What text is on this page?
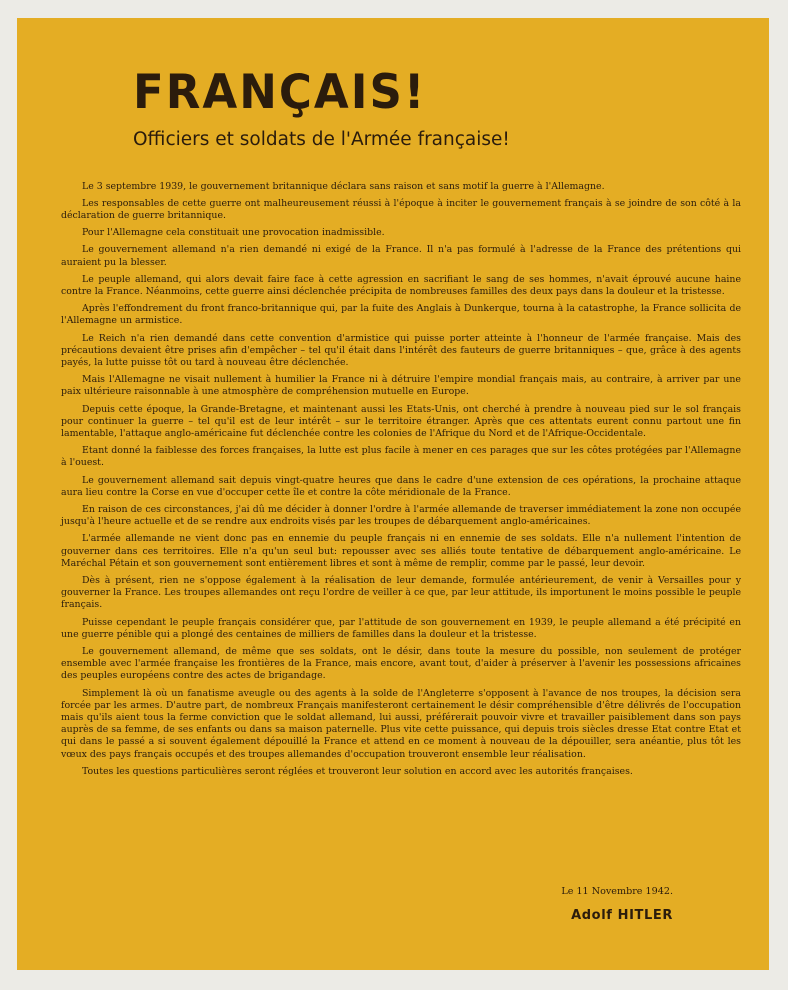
FRANÇAIS!
Officiers et soldats de l'Armée française!

Le 3 septembre 1939, le gouvernement britannique déclara sans raison et sans motif la guerre à l'Allemagne.

Les responsables de cette guerre ont malheureusement réussi à l'époque à inciter le gouvernement français à se joindre de son côté à la déclaration de guerre britannique.

Pour l'Allemagne cela constituait une provocation inadmissible.

Le gouvernement allemand n'a rien demandé ni exigé de la France. Il n'a pas formulé à l'adresse de la France des prétentions qui auraient pu la blesser.

Le peuple allemand, qui alors devait faire face à cette agression en sacrifiant le sang de ses hommes, n'avait éprouvé aucune haine contre la France. Néanmoins, cette guerre ainsi déclenchée précipita de nombreuses familles des deux pays dans la douleur et la tristesse.

Après l'effondrement du front franco-britannique qui, par la fuite des Anglais à Dunkerque, tourna à la catastrophe, la France sollicita de l'Allemagne un armistice.

Le Reich n'a rien demandé dans cette convention d'armistice qui puisse porter atteinte à l'honneur de l'armée française. Mais des précautions devaient être prises afin d'empêcher – tel qu'il était dans l'intérêt des fauteurs de guerre britanniques – que, grâce à des agents payés, la lutte puisse tôt ou tard à nouveau être déclenchée.

Mais l'Allemagne ne visait nullement à humilier la France ni à détruire l'empire mondial français mais, au contraire, à arriver par une paix ultérieure raisonnable à une atmosphère de compréhension mutuelle en Europe.

Depuis cette époque, la Grande-Bretagne, et maintenant aussi les Etats-Unis, ont cherché à prendre à nouveau pied sur le sol français pour continuer la guerre – tel qu'il est de leur intérêt – sur le territoire étranger. Après que ces attentats eurent connu partout une fin lamentable, l'attaque anglo-américaine fut déclenchée contre les colonies de l'Afrique du Nord et de l'Afrique-Occidentale.

Etant donné la faiblesse des forces françaises, la lutte est plus facile à mener en ces parages que sur les côtes protégées par l'Allemagne à l'ouest.

Le gouvernement allemand sait depuis vingt-quatre heures que dans le cadre d'une extension de ces opérations, la prochaine attaque aura lieu contre la Corse en vue d'occuper cette île et contre la côte méridionale de la France.

En raison de ces circonstances, j'ai dû me décider à donner l'ordre à l'armée allemande de traverser immédiatement la zone non occupée jusqu'à l'heure actuelle et de se rendre aux endroits visés par les troupes de débarquement anglo-américaines.

L'armée allemande ne vient donc pas en ennemie du peuple français ni en ennemie de ses soldats. Elle n'a nullement l'intention de gouverner dans ces territoires. Elle n'a qu'un seul but: repousser avec ses alliés toute tentative de débarquement anglo-américaine. Le Maréchal Pétain et son gouvernement sont entièrement libres et sont à même de remplir, comme par le passé, leur devoir.

Dès à présent, rien ne s'oppose également à la réalisation de leur demande, formulée antérieurement, de venir à Versailles pour y gouverner la France. Les troupes allemandes ont reçu l'ordre de veiller à ce que, par leur attitude, ils importunent le moins possible le peuple français.

Puisse cependant le peuple français considérer que, par l'attitude de son gouvernement en 1939, le peuple allemand a été précipité en une guerre pénible qui a plongé des centaines de milliers de familles dans la douleur et la tristesse.

Le gouvernement allemand, de même que ses soldats, ont le désir, dans toute la mesure du possible, non seulement de protéger ensemble avec l'armée française les frontières de la France, mais encore, avant tout, d'aider à préserver à l'avenir les possessions africaines des peuples européens contre des actes de brigandage.

Simplement là où un fanatisme aveugle ou des agents à la solde de l'Angleterre s'opposent à l'avance de nos troupes, la décision sera forcée par les armes. D'autre part, de nombreux Français manifesteront certainement le désir compréhensible d'être délivrés de l'occupation mais qu'ils aient tous la ferme conviction que le soldat allemand, lui aussi, préférerait pouvoir vivre et travailler paisiblement dans son pays auprès de sa femme, de ses enfants ou dans sa maison paternelle. Plus vite cette puissance, qui depuis trois siècles dresse Etat contre Etat et qui dans le passé a si souvent également dépouillé la France et attend en ce moment à nouveau de la dépouiller, sera anéantie, plus tôt les vœux des pays français occupés et des troupes allemandes d'occupation trouveront ensemble leur réalisation.

Toutes les questions particulières seront réglées et trouveront leur solution en accord avec les autorités françaises.

Le 11 Novembre 1942.
Adolf HITLER
